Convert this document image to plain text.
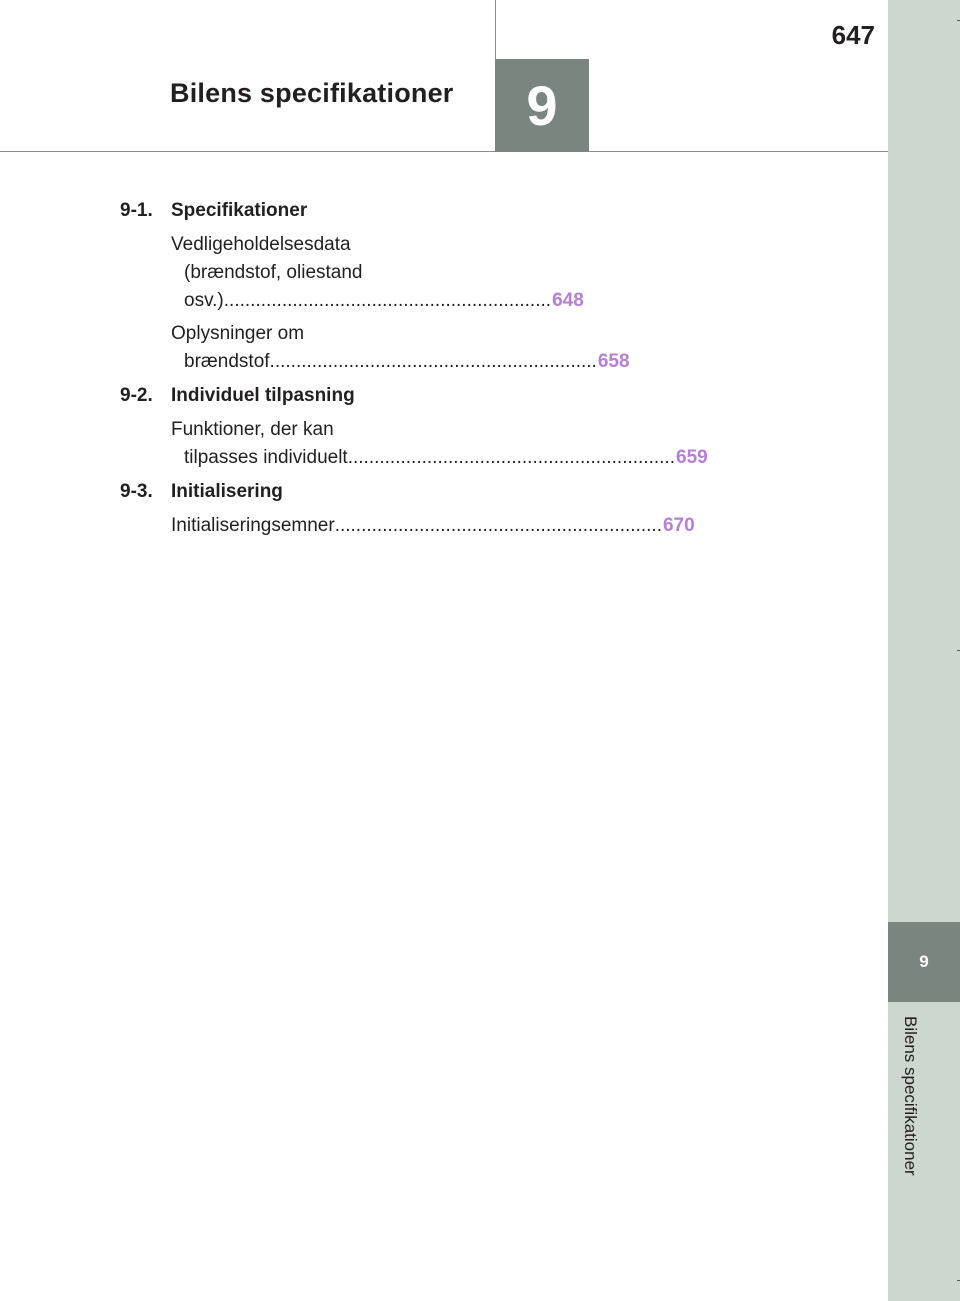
Bilens specifikationer	9
647
9
Bilens specifikationer
9-1. Specifikationer
Vedligeholdelsesdata
(brændstof, oliestand
osv.) .............................................................. 648
Oplysninger om
brændstof .............................................................. 658
9-2. Individuel tilpasning
Funktioner, der kan
tilpasses individuelt .............................................................. 659
9-3. Initialisering
Initialiseringsemner .............................................................. 670
